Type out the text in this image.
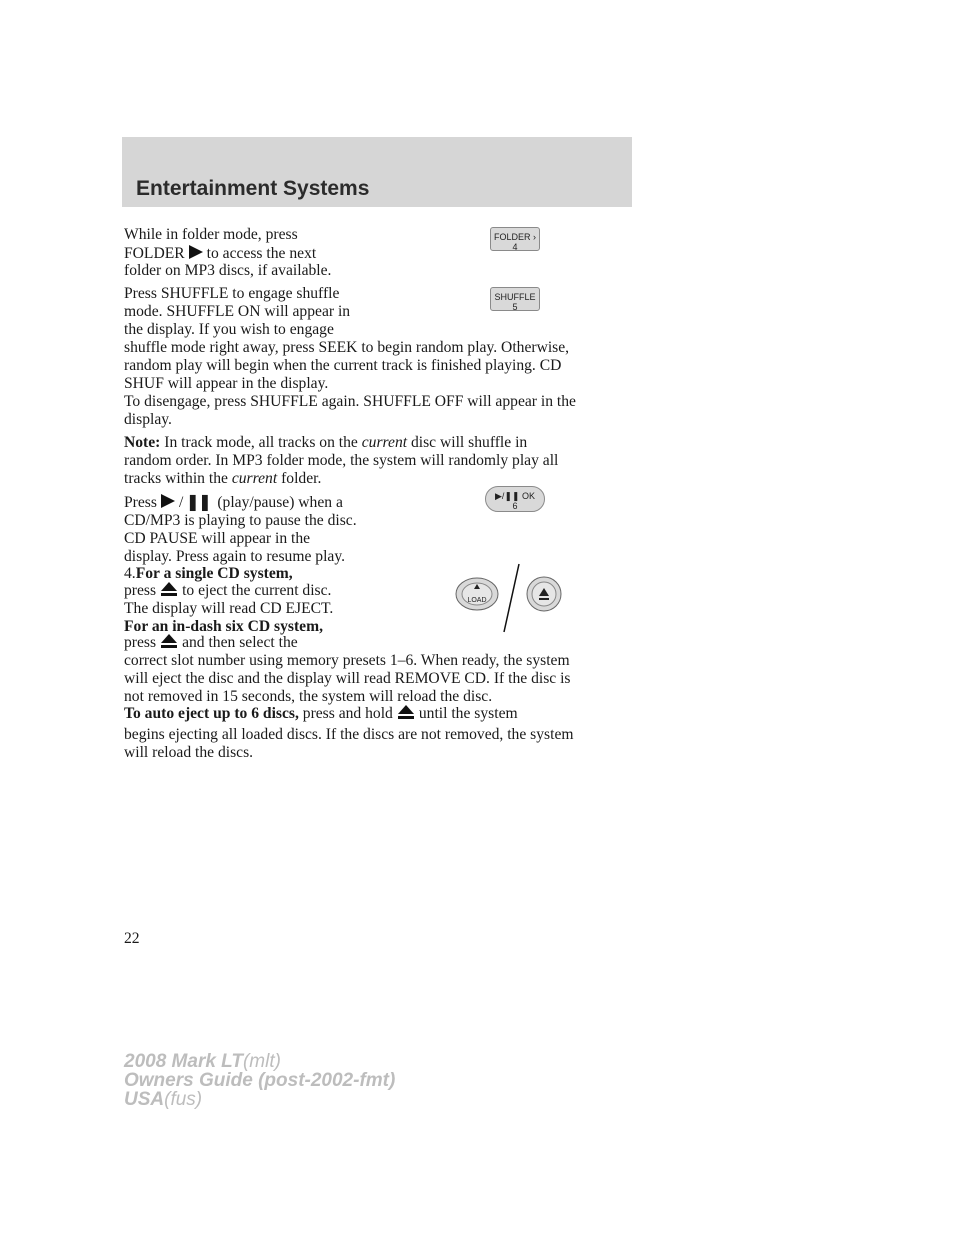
Entertainment Systems
While in folder mode, press
FOLDER to access the next
folder on MP3 discs, if available.
FOLDER ›
4
Press SHUFFLE to engage shuffle
mode. SHUFFLE ON will appear in
the display. If you wish to engage
shuffle mode right away, press SEEK to begin random play. Otherwise,
random play will begin when the current track is finished playing. CD
SHUF will appear in the display.
To disengage, press SHUFFLE again. SHUFFLE OFF will appear in the
display.
SHUFFLE
5
Note: In track mode, all tracks on the current disc will shuffle in
random order. In MP3 folder mode, the system will randomly play all
tracks within the current folder.
Press / ❚❚ (play/pause) when a
CD/MP3 is playing to pause the disc.
CD PAUSE will appear in the
display. Press again to resume play.
▶/❚❚ OK
6
4.For a single CD system,
press to eject the current disc.
The display will read CD EJECT.	LOAD
For an in-dash six CD system,
press and then select the
correct slot number using memory presets 1–6. When ready, the system
will eject the disc and the display will read REMOVE CD. If the disc is
not removed in 15 seconds, the system will reload the disc.
To auto eject up to 6 discs, press and hold until the system
begins ejecting all loaded discs. If the discs are not removed, the system
will reload the discs.
22
2008 Mark LT(mlt)
Owners Guide (post-2002-fmt)
USA(fus)
